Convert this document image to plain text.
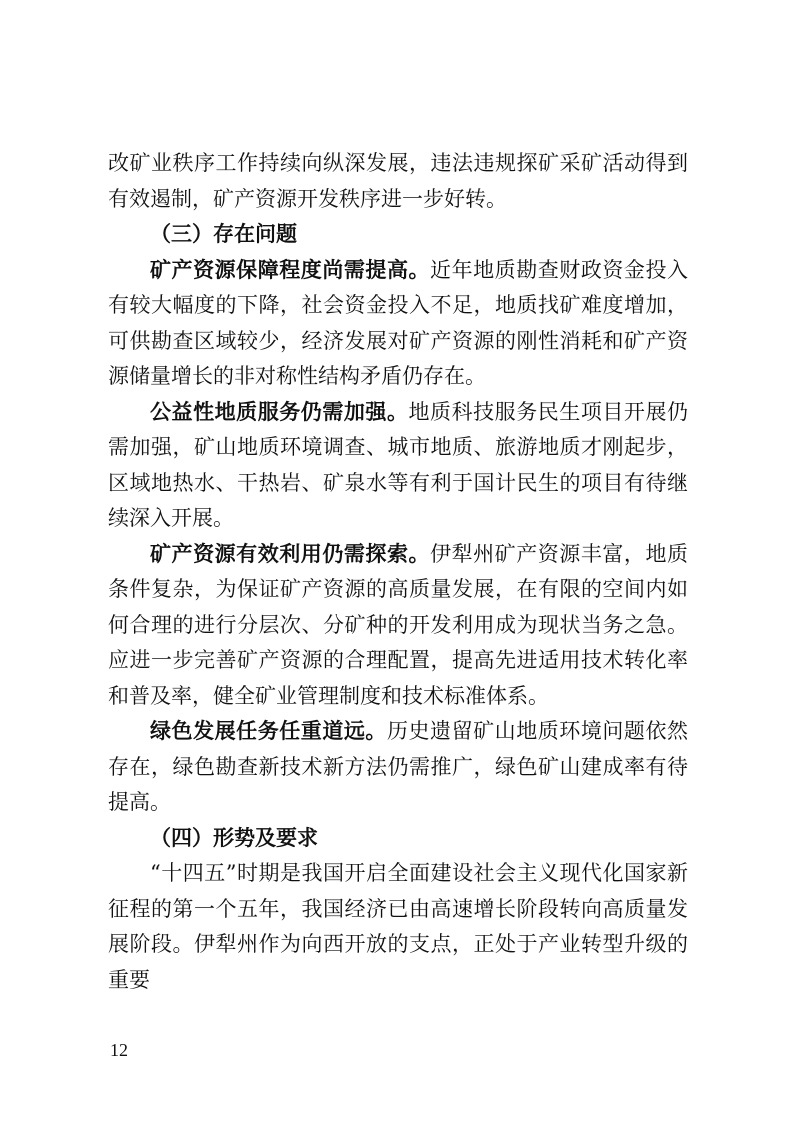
改矿业秩序工作持续向纵深发展，违法违规探矿采矿活动得到有效遏制，矿产资源开发秩序进一步好转。

（三）存在问题

矿产资源保障程度尚需提高。近年地质勘查财政资金投入有较大幅度的下降，社会资金投入不足，地质找矿难度增加，可供勘查区域较少，经济发展对矿产资源的刚性消耗和矿产资源储量增长的非对称性结构矛盾仍存在。

公益性地质服务仍需加强。地质科技服务民生项目开展仍需加强，矿山地质环境调查、城市地质、旅游地质才刚起步，区域地热水、干热岩、矿泉水等有利于国计民生的项目有待继续深入开展。

矿产资源有效利用仍需探索。伊犁州矿产资源丰富，地质条件复杂，为保证矿产资源的高质量发展，在有限的空间内如何合理的进行分层次、分矿种的开发利用成为现状当务之急。应进一步完善矿产资源的合理配置，提高先进适用技术转化率和普及率，健全矿业管理制度和技术标准体系。

绿色发展任务任重道远。历史遗留矿山地质环境问题依然存在，绿色勘查新技术新方法仍需推广，绿色矿山建成率有待提高。

（四）形势及要求

“十四五”时期是我国开启全面建设社会主义现代化国家新征程的第一个五年，我国经济已由高速增长阶段转向高质量发展阶段。伊犁州作为向西开放的支点，正处于产业转型升级的重要

12
